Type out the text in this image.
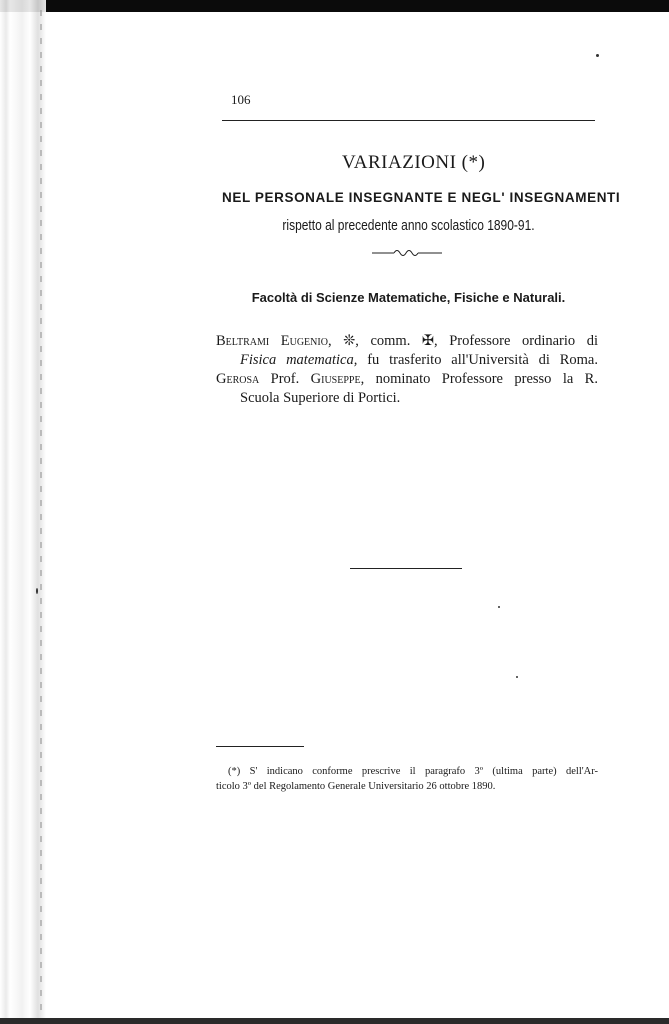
106
VARIAZIONI (*)
NEL PERSONALE INSEGNANTE E NEGL' INSEGNAMENTI
rispetto al precedente anno scolastico 1890-91.
Facoltà di Scienze Matematiche, Fisiche e Naturali.
Beltrami Eugenio, ❊, comm. ✠, Professore ordinario di
Fisica matematica, fu trasferito all'Università di Roma.
Gerosa Prof. Giuseppe, nominato Professore presso la R.
Scuola Superiore di Portici.
(*) S' indicano conforme prescrive il paragrafo 3º (ultima parte) dell'Ar-
ticolo 3º del Regolamento Generale Universitario 26 ottobre 1890.
